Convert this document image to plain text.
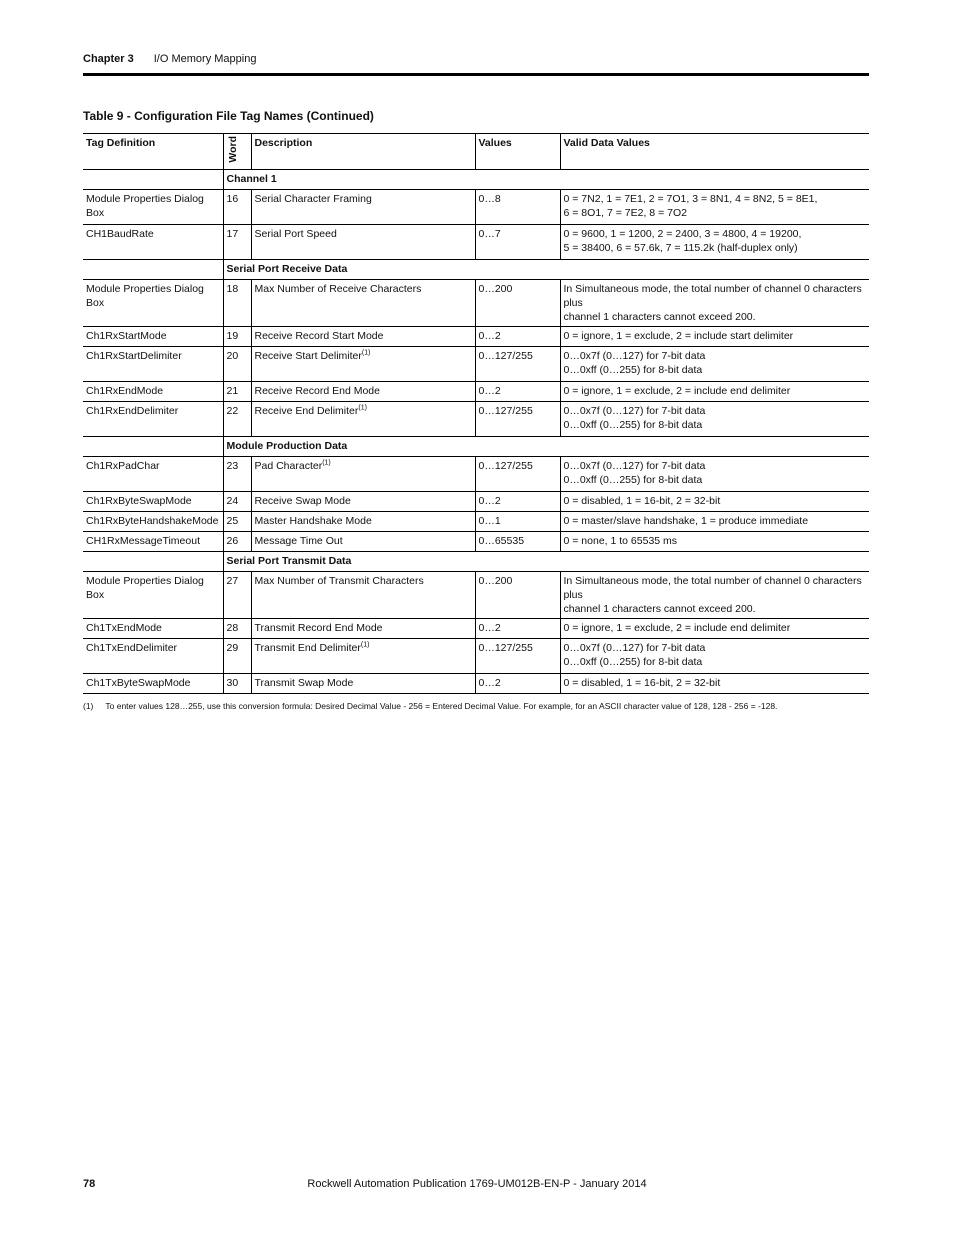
Chapter 3 I/O Memory Mapping
Table 9 - Configuration File Tag Names (Continued)
Tag Definition	Word	Description	Values	Valid Data Values
	Channel 1			
Module Properties Dialog Box	16	Serial Character Framing	0…8	0 = 7N2, 1 = 7E1, 2 = 7O1, 3 = 8N1, 4 = 8N2, 5 = 8E1,
6 = 8O1, 7 = 7E2, 8 = 7O2

CH1BaudRate	17	Serial Port Speed	0…7	0 = 9600, 1 = 1200, 2 = 2400, 3 = 4800, 4 = 19200,
5 = 38400, 6 = 57.6k, 7 = 115.2k (half-duplex only)

	Serial Port Receive Data			
Module Properties Dialog Box	18	Max Number of Receive Characters	0…200	In Simultaneous mode, the total number of channel 0 characters plus
channel 1 characters cannot exceed 200.

Ch1RxStartMode	19	Receive Record Start Mode	0…2	0 = ignore, 1 = exclude, 2 = include start delimiter

Ch1RxStartDelimiter	20	Receive Start Delimiter$^{(1)}$	0…127/255	0…0x7f (0…127) for 7-bit data
0…0xff (0…255) for 8-bit data

Ch1RxEndMode	21	Receive Record End Mode	0…2	0 = ignore, 1 = exclude, 2 = include end delimiter

Ch1RxEndDelimiter	22	Receive End Delimiter$^{(1)}$	0…127/255	0…0x7f (0…127) for 7-bit data
0…0xff (0…255) for 8-bit data

	Module Production Data			
Ch1RxPadChar	23	Pad Character$^{(1)}$	0…127/255	0…0x7f (0…127) for 7-bit data
0…0xff (0…255) for 8-bit data

Ch1RxByteSwapMode	24	Receive Swap Mode	0…2	0 = disabled, 1 = 16-bit, 2 = 32-bit

Ch1RxByteHandshakeMode	25	Master Handshake Mode	0…1	0 = master/slave handshake, 1 = produce immediate

CH1RxMessageTimeout	26	Message Time Out	0…65535	0 = none, 1 to 65535 ms

	Serial Port Transmit Data			
Module Properties Dialog Box	27	Max Number of Transmit Characters	0…200	In Simultaneous mode, the total number of channel 0 characters plus
channel 1 characters cannot exceed 200.

Ch1TxEndMode	28	Transmit Record End Mode	0…2	0 = ignore, 1 = exclude, 2 = include end delimiter

Ch1TxEndDelimiter	29	Transmit End Delimiter$^{(1)}$	0…127/255	0…0x7f (0…127) for 7-bit data
0…0xff (0…255) for 8-bit data

Ch1TxByteSwapMode	30	Transmit Swap Mode	0…2	0 = disabled, 1 = 16-bit, 2 = 32-bit
(1) To enter values 128…255, use this conversion formula: Desired Decimal Value - 256 = Entered Decimal Value. For example, for an ASCII character value of 128, 128 - 256 = -128.
78	Rockwell Automation Publication 1769-UM012B-EN-P - January 2014
